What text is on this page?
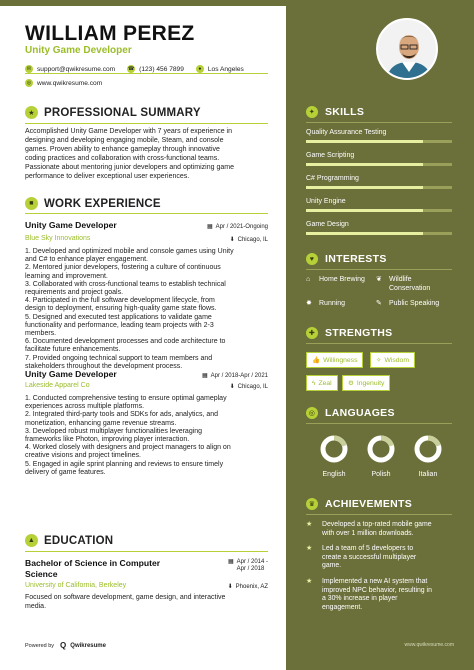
WILLIAM PEREZ
Unity Game Developer
✉ support@qwikresume.com	☎ (123) 456 7899	● Los Angeles
◎ www.qwikresume.com
★ PROFESSIONAL SUMMARY
Accomplished Unity Game Developer with 7 years of experience in
designing and developing engaging mobile, Steam, and console
games. Proven ability to enhance gameplay through innovative
coding practices and collaboration with cross-functional teams.
Passionate about mentoring junior developers and optimizing game
performance to deliver exceptional user experiences.
■ WORK EXPERIENCE
Unity Game Developer	▦ Apr / 2021-Ongoing
Blue Sky Innovations	⬇ Chicago, IL
1. Developed and optimized mobile and console games using Unity
and C# to enhance player engagement.
2. Mentored junior developers, fostering a culture of continuous
learning and improvement.
3. Collaborated with cross-functional teams to establish technical
requirements and project goals.
4. Participated in the full software development lifecycle, from
design to deployment, ensuring high-quality game state flows.
5. Designed and executed test applications to validate game
functionality and performance, leading team projects with 2-3
members.
6. Documented development processes and code architecture to
facilitate future enhancements.
7. Provided ongoing technical support to team members and
stakeholders throughout the development process.
Unity Game Developer	▦ Apr / 2018-Apr / 2021
Lakeside Apparel Co	⬇ Chicago, IL
1. Conducted comprehensive testing to ensure optimal gameplay
experiences across multiple platforms.
2. Integrated third-party tools and SDKs for ads, analytics, and
monetization, enhancing game revenue streams.
3. Developed robust multiplayer functionalities leveraging
frameworks like Photon, improving player interaction.
4. Worked closely with designers and project managers to align on
creative visions and project timelines.
5. Engaged in agile sprint planning and reviews to ensure timely
delivery of game features.
▲ EDUCATION
Bachelor of Science in Computer
Science
▦ Apr / 2014 -
Apr / 2018
University of California, Berkeley	⬇ Phoenix, AZ
Focused on software development, game design, and interactive
media.
Powered by Q Qwikresume
✦ SKILLS
Quality Assurance Testing
Game Scripting
C# Programming
Unity Engine
Game Design
♥	INTERESTS
⌂	Home Brewing ❦	Wildlife
Conservation
✸	Running	✎	Public Speaking
✚ STRENGTHS
👍 Willingness	✧ Wisdom
ϟ Zeal	⚙ Ingenuity
◎ LANGUAGES
English	Polish	Italian
♛ ACHIEVEMENTS
★	Developed a top-rated mobile game
with over 1 million downloads.
★	Led a team of 5 developers to
create a successful multiplayer
game.
★	Implemented a new AI system that
improved NPC behavior, resulting in
a 30% increase in player
engagement.
www.qwikresume.com
